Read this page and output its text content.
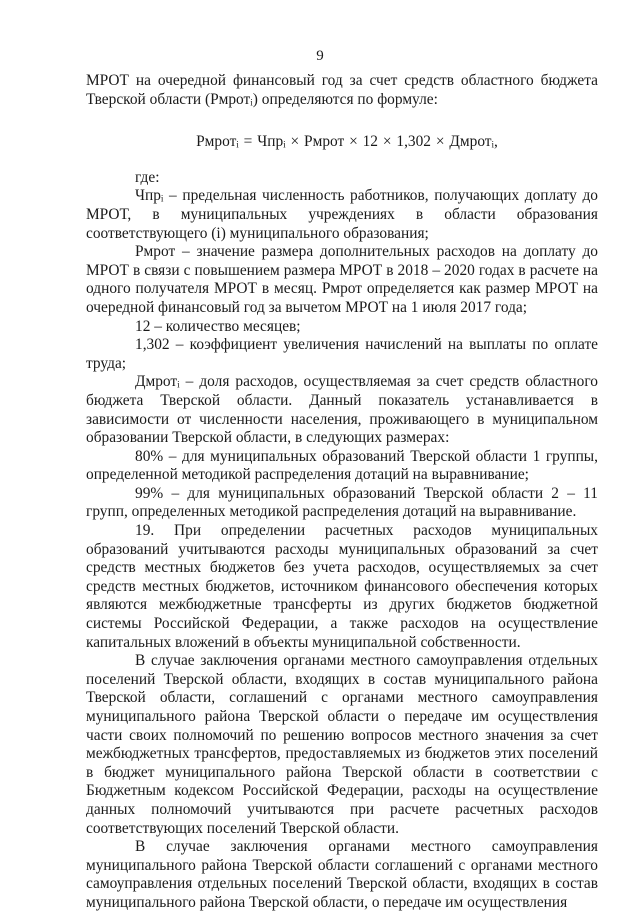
9

МРОТ на очередной финансовый год за счет средств областного бюджета Тверской области (Рмротᵢ) определяются по формуле:

Рмротᵢ = Чпрᵢ × Рмрот × 12 × 1,302 × Дмротᵢ,

где:

Чпрᵢ – предельная численность работников, получающих доплату до МРОТ, в муниципальных учреждениях в области образования соответствующего (i) муниципального образования;

Рмрот – значение размера дополнительных расходов на доплату до МРОТ в связи с повышением размера МРОТ в 2018 – 2020 годах в расчете на одного получателя МРОТ в месяц. Рмрот определяется как размер МРОТ на очередной финансовый год за вычетом МРОТ на 1 июля 2017 года;

12 – количество месяцев;

1,302 – коэффициент увеличения начислений на выплаты по оплате труда;

Дмротᵢ – доля расходов, осуществляемая за счет средств областного бюджета Тверской области. Данный показатель устанавливается в зависимости от численности населения, проживающего в муниципальном образовании Тверской области, в следующих размерах:

80% – для муниципальных образований Тверской области 1 группы, определенной методикой распределения дотаций на выравнивание;

99% – для муниципальных образований Тверской области 2 – 11 групп, определенных методикой распределения дотаций на выравнивание.

19. При определении расчетных расходов муниципальных образований учитываются расходы муниципальных образований за счет средств местных бюджетов без учета расходов, осуществляемых за счет средств местных бюджетов, источником финансового обеспечения которых являются межбюджетные трансферты из других бюджетов бюджетной системы Российской Федерации, а также расходов на осуществление капитальных вложений в объекты муниципальной собственности.

В случае заключения органами местного самоуправления отдельных поселений Тверской области, входящих в состав муниципального района Тверской области, соглашений с органами местного самоуправления муниципального района Тверской области о передаче им осуществления части своих полномочий по решению вопросов местного значения за счет межбюджетных трансфертов, предоставляемых из бюджетов этих поселений в бюджет муниципального района Тверской области в соответствии с Бюджетным кодексом Российской Федерации, расходы на осуществление данных полномочий учитываются при расчете расчетных расходов соответствующих поселений Тверской области.

В случае заключения органами местного самоуправления муниципального района Тверской области соглашений с органами местного самоуправления отдельных поселений Тверской области, входящих в состав муниципального района Тверской области, о передаче им осуществления
